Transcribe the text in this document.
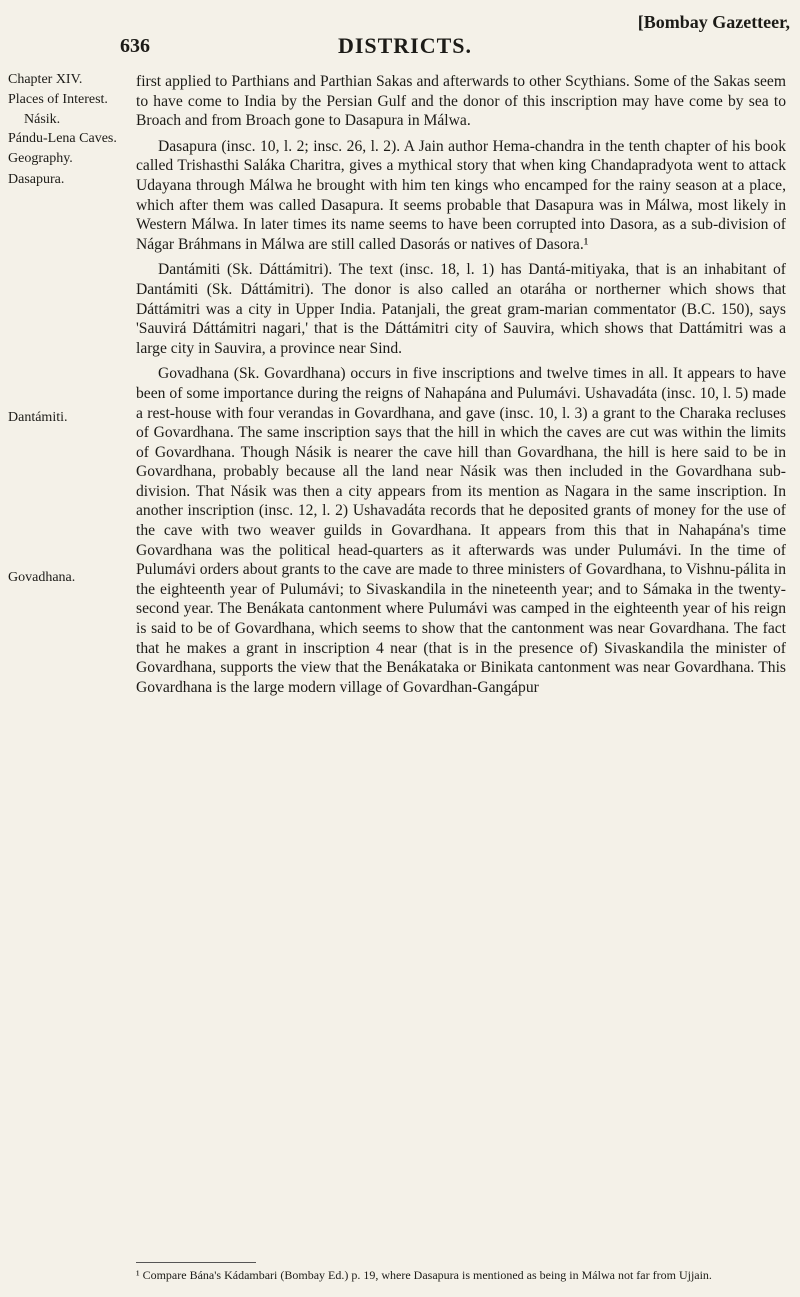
[Bombay Gazetteer,
636	DISTRICTS.
Chapter XIV.
Places of Interest.
Násik.
Pándu-Lena Caves.
Geography.
Dasapura.
Dantámiti.
Govadhana.

first applied to Parthians and Parthian Sakas and afterwards to other Scythians. Some of the Sakas seem to have come to India by the Persian Gulf and the donor of this inscription may have come by sea to Broach and from Broach gone to Dasapura in Málwa.

Dasapura (insc. 10, l. 2; insc. 26, l. 2). A Jain author Hema-chandra in the tenth chapter of his book called Trishasthi Saláka Charitra, gives a mythical story that when king Chandapradyota went to attack Udayana through Málwa he brought with him ten kings who encamped for the rainy season at a place, which after them was called Dasapura. It seems probable that Dasapura was in Málwa, most likely in Western Málwa. In later times its name seems to have been corrupted into Dasora, as a sub-division of Nágar Bráhmans in Málwa are still called Dasorás or natives of Dasora.¹

Dantámiti (Sk. Dáttámitri). The text (insc. 18, l. 1) has Dantá-mitiyaka, that is an inhabitant of Dantámiti (Sk. Dáttámitri). The donor is also called an otaráha or northerner which shows that Dáttámitri was a city in Upper India. Patanjali, the great gram-marian commentator (B.C. 150), says 'Sauvirá Dáttámitri nagari,' that is the Dáttámitri city of Sauvira, which shows that Dattámitri was a large city in Sauvira, a province near Sind.

Govadhana (Sk. Govardhana) occurs in five inscriptions and twelve times in all. It appears to have been of some importance during the reigns of Nahapána and Pulumávi. Ushavadáta (insc. 10, l. 5) made a rest-house with four verandas in Govardhana, and gave (insc. 10, l. 3) a grant to the Charaka recluses of Govardhana. The same inscription says that the hill in which the caves are cut was within the limits of Govardhana. Though Násik is nearer the cave hill than Govardhana, the hill is here said to be in Govardhana, probably because all the land near Násik was then included in the Govardhana sub-division. That Násik was then a city appears from its mention as Nagara in the same inscription. In another inscription (insc. 12, l. 2) Ushavadáta records that he deposited grants of money for the use of the cave with two weaver guilds in Govardhana. It appears from this that in Nahapána's time Govardhana was the political head-quarters as it afterwards was under Pulumávi. In the time of Pulumávi orders about grants to the cave are made to three ministers of Govardhana, to Vishnu-pálita in the eighteenth year of Pulumávi; to Sivaskandila in the nineteenth year; and to Sámaka in the twenty-second year. The Benákata cantonment where Pulumávi was camped in the eighteenth year of his reign is said to be of Govardhana, which seems to show that the cantonment was near Govardhana. The fact that he makes a grant in inscription 4 near (that is in the presence of) Sivaskandila the minister of Govardhana, supports the view that the Benákataka or Binikata cantonment was near Govardhana. This Govardhana is the large modern village of Govardhan-Gangápur

¹ Compare Bána's Kádambari (Bombay Ed.) p. 19, where Dasapura is mentioned as being in Málwa not far from Ujjain.
